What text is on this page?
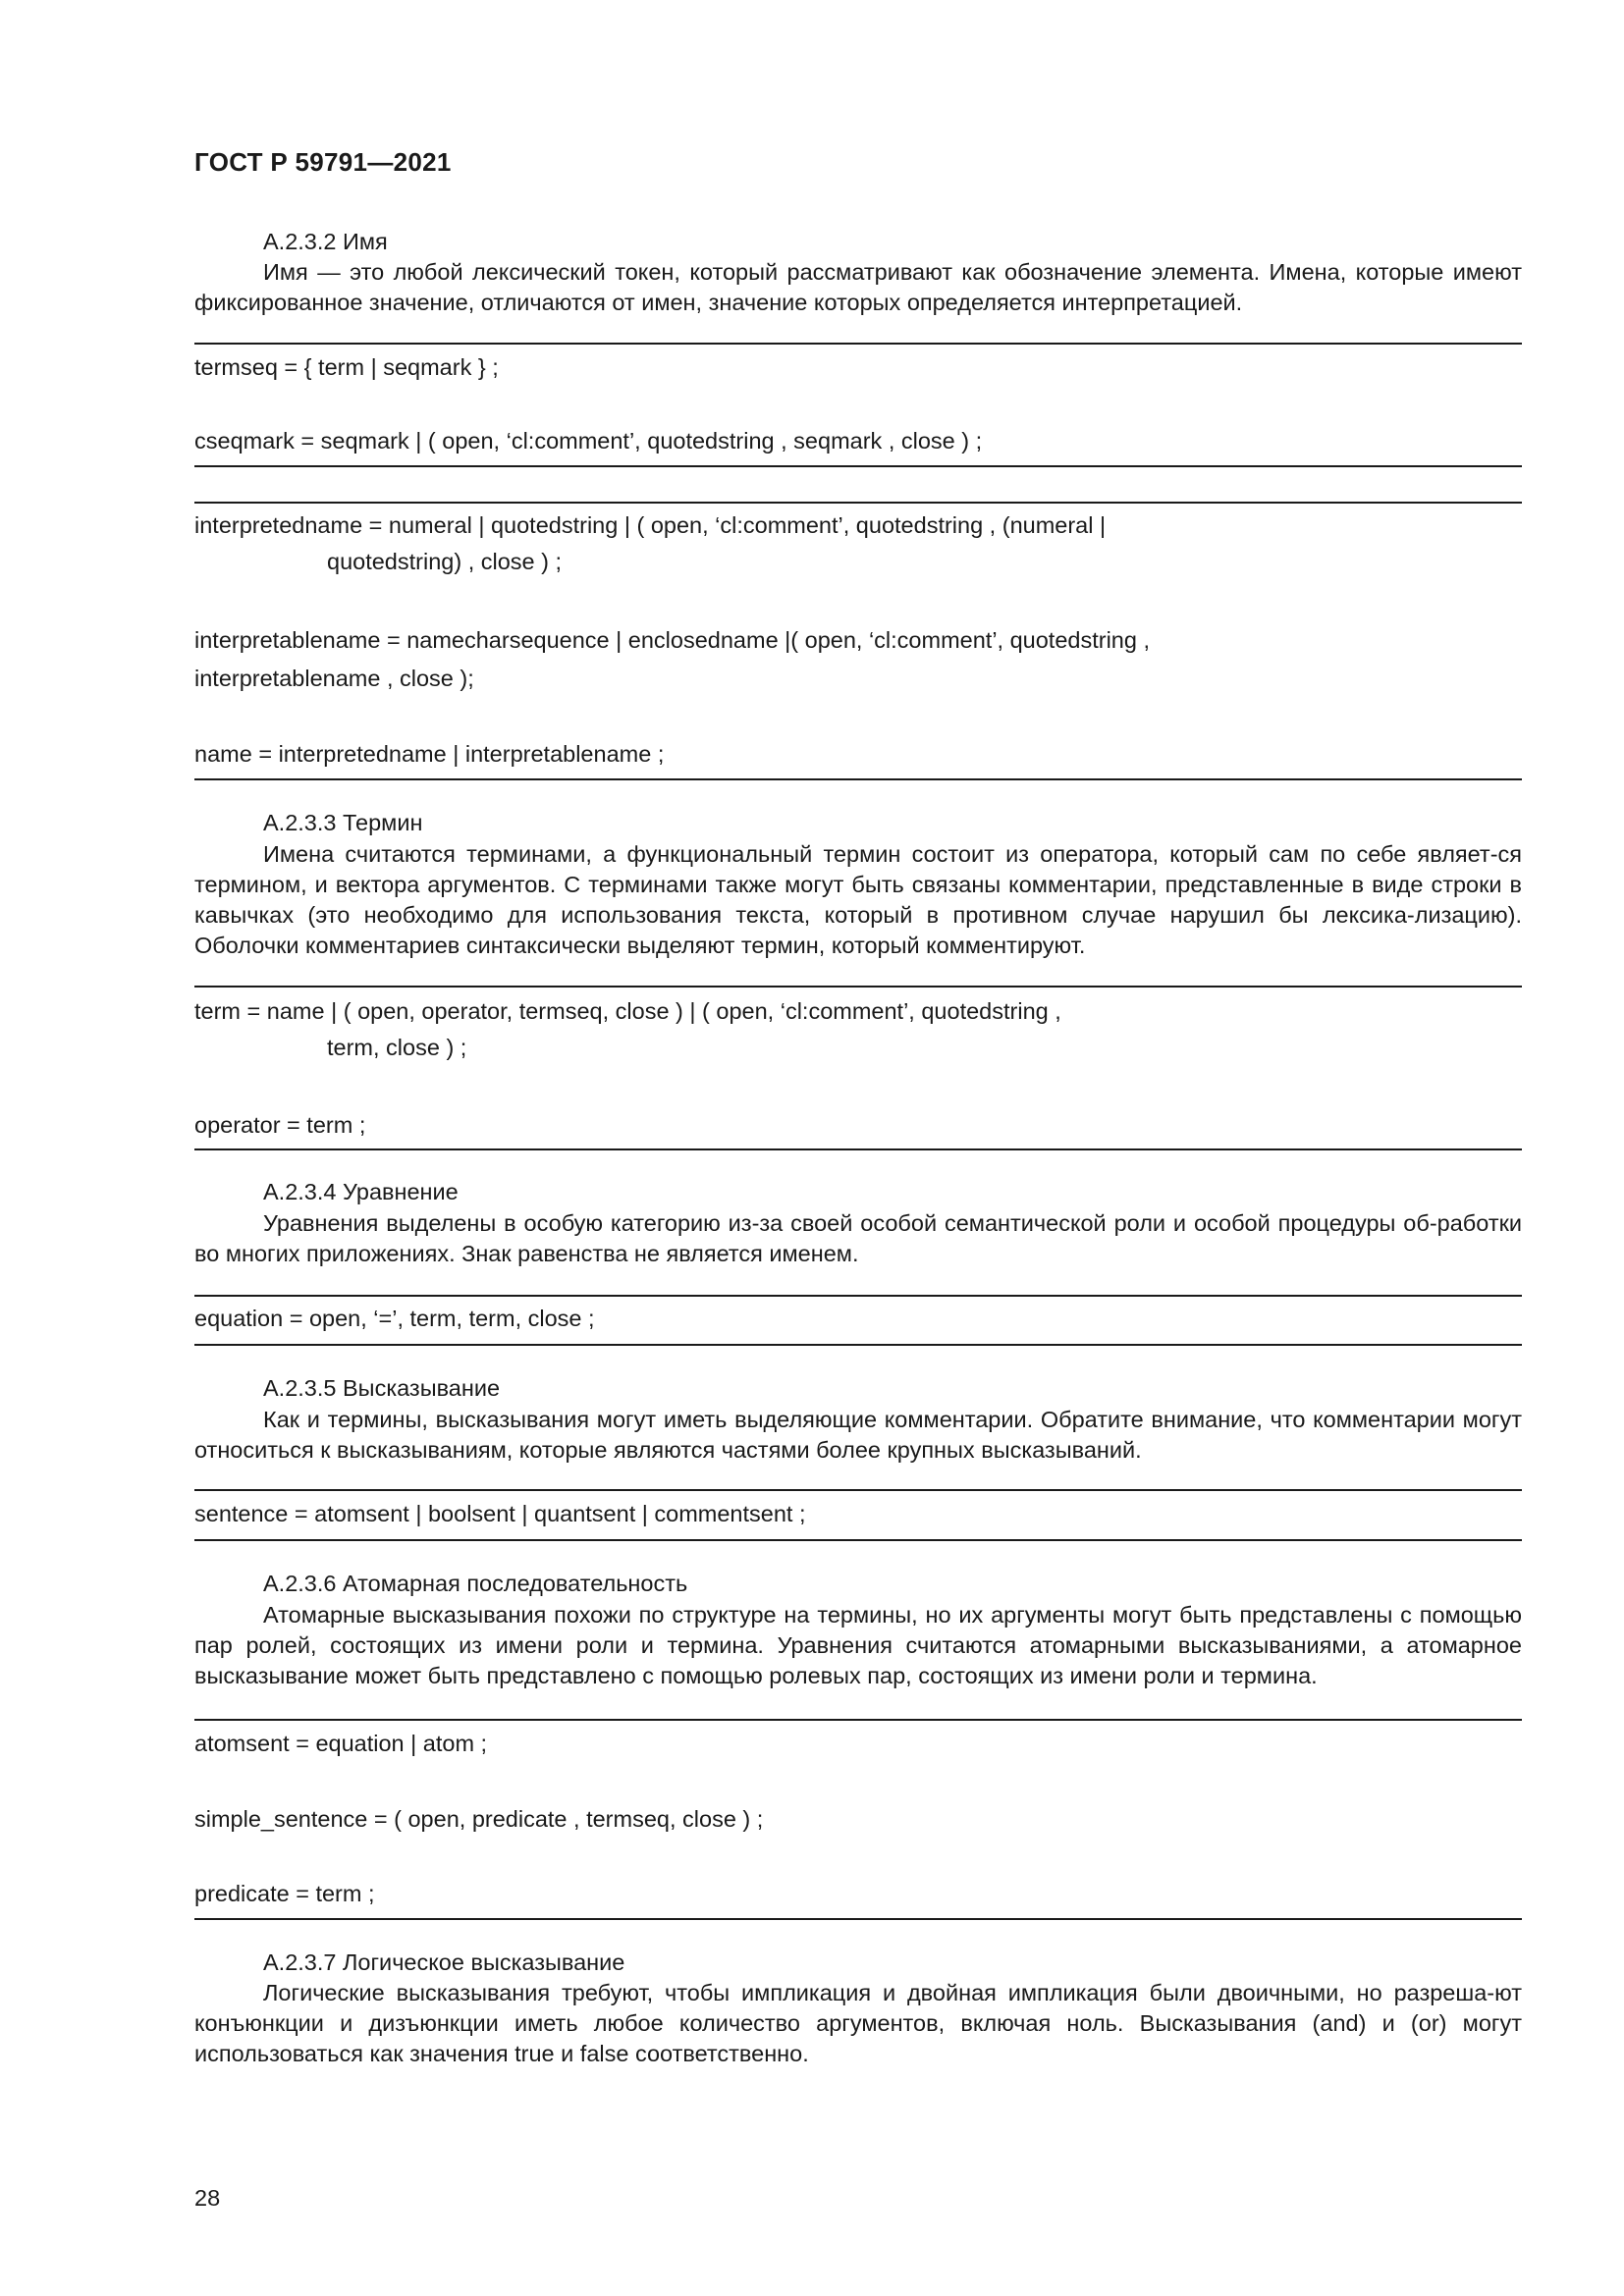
ГОСТ Р 59791—2021
А.2.3.2 Имя
Имя — это любой лексический токен, который рассматривают как обозначение элемента. Имена, которые имеют фиксированное значение, отличаются от имен, значение которых определяется интерпретацией.
termseq = { term | seqmark } ;
cseqmark = seqmark | ( open, ‘cl:comment’, quotedstring , seqmark , close ) ;
interpretedname = numeral | quotedstring | ( open, ‘cl:comment’, quotedstring , (numeral |
quotedstring) , close ) ;
interpretablename = namecharsequence | enclosedname |( open, ‘cl:comment’, quotedstring ,
interpretablename , close );
name = interpretedname | interpretablename ;
А.2.3.3 Термин
Имена считаются терминами, а функциональный термин состоит из оператора, который сам по себе являет-ся термином, и вектора аргументов. С терминами также могут быть связаны комментарии, представленные в виде строки в кавычках (это необходимо для использования текста, который в противном случае нарушил бы лексика-лизацию). Оболочки комментариев синтаксически выделяют термин, который комментируют.
term = name | ( open, operator, termseq, close ) | ( open, ‘cl:comment’, quotedstring ,
term, close ) ;
operator = term ;
А.2.3.4 Уравнение
Уравнения выделены в особую категорию из-за своей особой семантической роли и особой процедуры об-работки во многих приложениях. Знак равенства не является именем.
equation = open, ‘=’, term, term, close ;
А.2.3.5 Высказывание
Как и термины, высказывания могут иметь выделяющие комментарии. Обратите внимание, что комментарии могут относиться к высказываниям, которые являются частями более крупных высказываний.
sentence = atomsent | boolsent | quantsent | commentsent ;
А.2.3.6 Атомарная последовательность
Атомарные высказывания похожи по структуре на термины, но их аргументы могут быть представлены с помощью пар ролей, состоящих из имени роли и термина. Уравнения считаются атомарными высказываниями, а атомарное высказывание может быть представлено с помощью ролевых пар, состоящих из имени роли и термина.
atomsent = equation | atom ;
simple_sentence = ( open, predicate , termseq, close ) ;
predicate = term ;
А.2.3.7 Логическое высказывание
Логические высказывания требуют, чтобы импликация и двойная импликация были двоичными, но разреша-ют конъюнкции и дизъюнкции иметь любое количество аргументов, включая ноль. Высказывания (and) и (or) могут использоваться как значения true и false соответственно.
28
